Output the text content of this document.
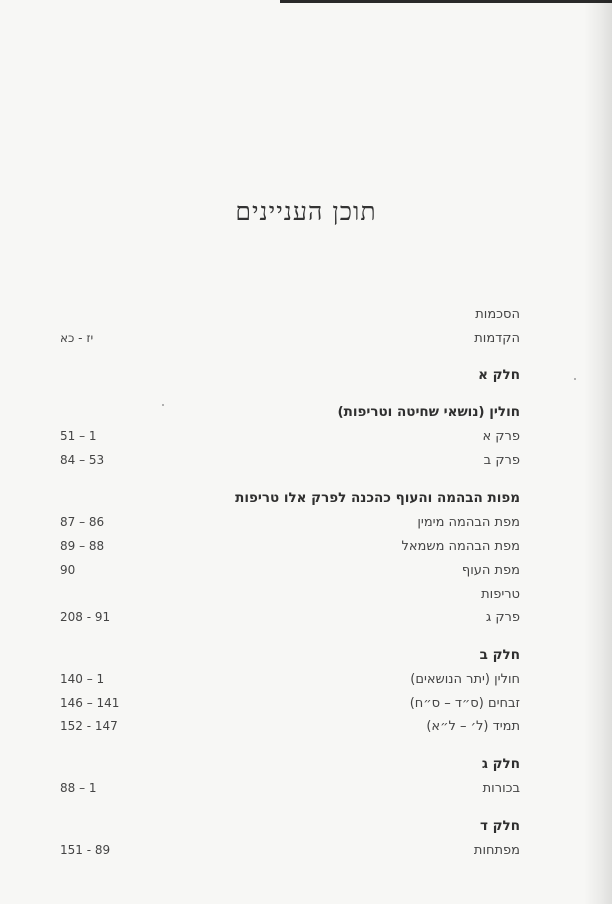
תוכן העניינים
הסכמות
הקדמות
יז - כא
חלק א
חולין (נושאי שחיטה וטריפות)
פרק א
51 – 1
פרק ב
84 – 53
מפות הבהמה והעוף כהכנה לפרק אלו טריפות
מפת הבהמה מימין
87 – 86
מפת הבהמה משמאל
89 – 88
מפת העוף
90
טריפות
פרק ג
208 - 91
חלק ב
חולין (יתר הנושאים)
140 – 1
זבחים (ס״ד – ס״ח)
146 – 141
תמיד (ל׳ – ל״א)
152 - 147
חלק ג
בכורות
88 – 1
חלק ד
מפתחות
151 - 89
